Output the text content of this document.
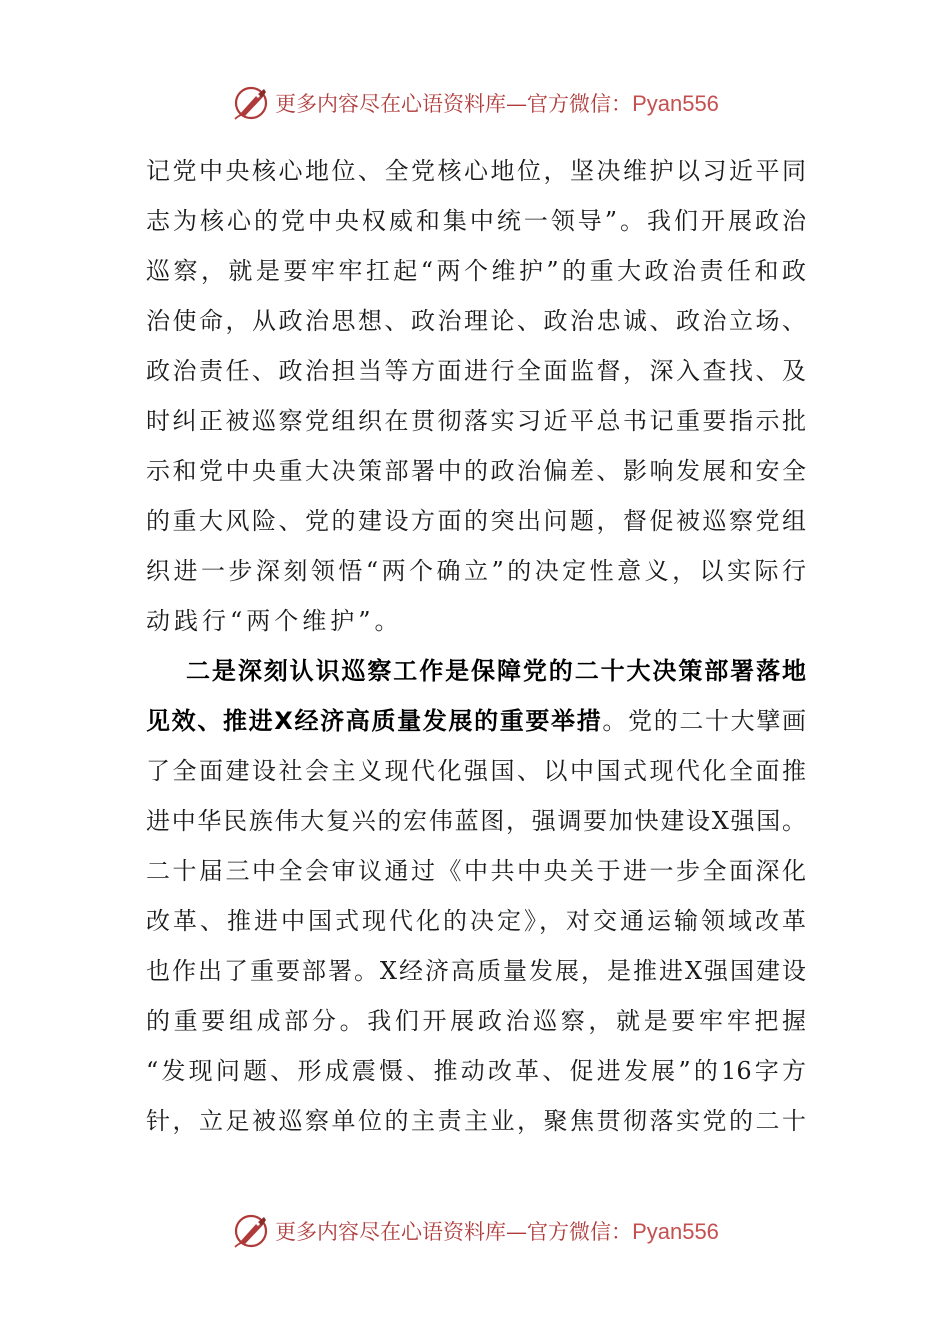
更多内容尽在心语资料库—官方微信：Pyan556
记党中央核心地位、全党核心地位，坚决维护以习近平同
志为核心的党中央权威和集中统一领导”。我们开展政治
巡察，就是要牢牢扛起“两个维护”的重大政治责任和政
治使命，从政治思想、政治理论、政治忠诚、政治立场、
政治责任、政治担当等方面进行全面监督，深入查找、及
时纠正被巡察党组织在贯彻落实习近平总书记重要指示批
示和党中央重大决策部署中的政治偏差、影响发展和安全
的重大风险、党的建设方面的突出问题，督促被巡察党组
织进一步深刻领悟“两个确立”的决定性意义，以实际行
动践行“两个维护”。
二是深刻认识巡察工作是保障党的二十大决策部署落地
见效、推进X经济高质量发展的重要举措。党的二十大擘画
了全面建设社会主义现代化强国、以中国式现代化全面推
进中华民族伟大复兴的宏伟蓝图，强调要加快建设X强国。
二十届三中全会审议通过《中共中央关于进一步全面深化
改革、推进中国式现代化的决定》，对交通运输领域改革
也作出了重要部署。X经济高质量发展，是推进X强国建设
的重要组成部分。我们开展政治巡察，就是要牢牢把握
“发现问题、形成震慑、推动改革、促进发展”的16字方
针，立足被巡察单位的主责主业，聚焦贯彻落实党的二十
更多内容尽在心语资料库—官方微信：Pyan556
